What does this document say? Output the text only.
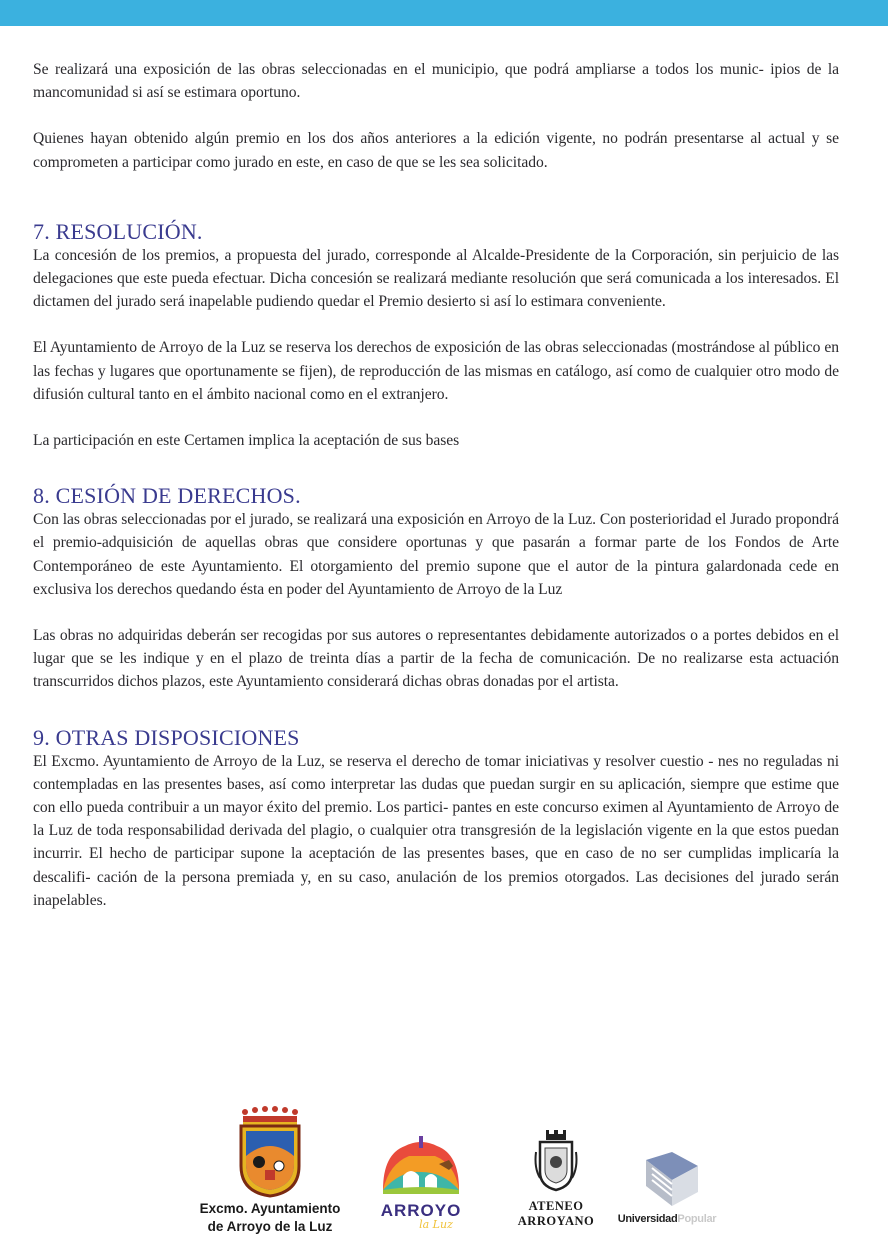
Se realizará una exposición de las obras seleccionadas en el municipio, que podrá ampliarse a todos los munic- ipios de la mancomunidad si así se estimara oportuno.

Quienes hayan obtenido algún premio en los dos años anteriores a la edición vigente, no podrán presentarse al actual y se comprometen a participar como jurado en este, en caso de que se les sea solicitado.

7. RESOLUCIÓN.

La concesión de los premios, a propuesta del jurado, corresponde al Alcalde-Presidente de la Corporación, sin perjuicio de las delegaciones que este pueda efectuar. Dicha concesión se realizará mediante resolución que será comunicada a los interesados. El dictamen del jurado será inapelable pudiendo quedar el Premio desierto si así lo estimara conveniente.

El Ayuntamiento de Arroyo de la Luz se reserva los derechos de exposición de las obras seleccionadas (mostrándose al público en las fechas y lugares que oportunamente se fijen), de reproducción de las mismas en catálogo, así como de cualquier otro modo de difusión cultural tanto en el ámbito nacional como en el extranjero.

La participación en este Certamen implica la aceptación de sus bases

8. CESIÓN DE DERECHOS.

Con las obras seleccionadas por el jurado, se realizará una exposición en Arroyo de la Luz. Con posterioridad el Jurado propondrá el premio-adquisición de aquellas obras que considere oportunas y que pasarán a formar parte de los Fondos de Arte Contemporáneo de este Ayuntamiento. El otorgamiento del premio supone que el autor de la pintura galardonada cede en exclusiva los derechos quedando ésta en poder del Ayuntamiento de Arroyo de la Luz

Las obras no adquiridas deberán ser recogidas por sus autores o representantes debidamente autorizados o a portes debidos en el lugar que se les indique y en el plazo de treinta días a partir de la fecha de comunicación. De no realizarse esta actuación transcurridos dichos plazos, este Ayuntamiento considerará dichas obras donadas por el artista.

9. OTRAS DISPOSICIONES

El Excmo. Ayuntamiento de Arroyo de la Luz, se reserva el derecho de tomar iniciativas y resolver cuestio - nes no reguladas ni contempladas en las presentes bases, así como interpretar las dudas que puedan surgir en su aplicación, siempre que estime que con ello pueda contribuir a un mayor éxito del premio. Los partici- pantes en este concurso eximen al Ayuntamiento de Arroyo de la Luz de toda responsabilidad derivada del plagio, o cualquier otra transgresión de la legislación vigente en la que estos puedan incurrir. El hecho de participar supone la aceptación de las presentes bases, que en caso de no ser cumplidas implicaría la descalifi- cación de la persona premiada y, en su caso, anulación de los premios otorgados. Las decisiones del jurado serán inapelables.

Excmo. Ayuntamiento
de Arroyo de la Luz
ARROYO
la Luz
ATENEO
ARROYANO	UniversidadPopular
